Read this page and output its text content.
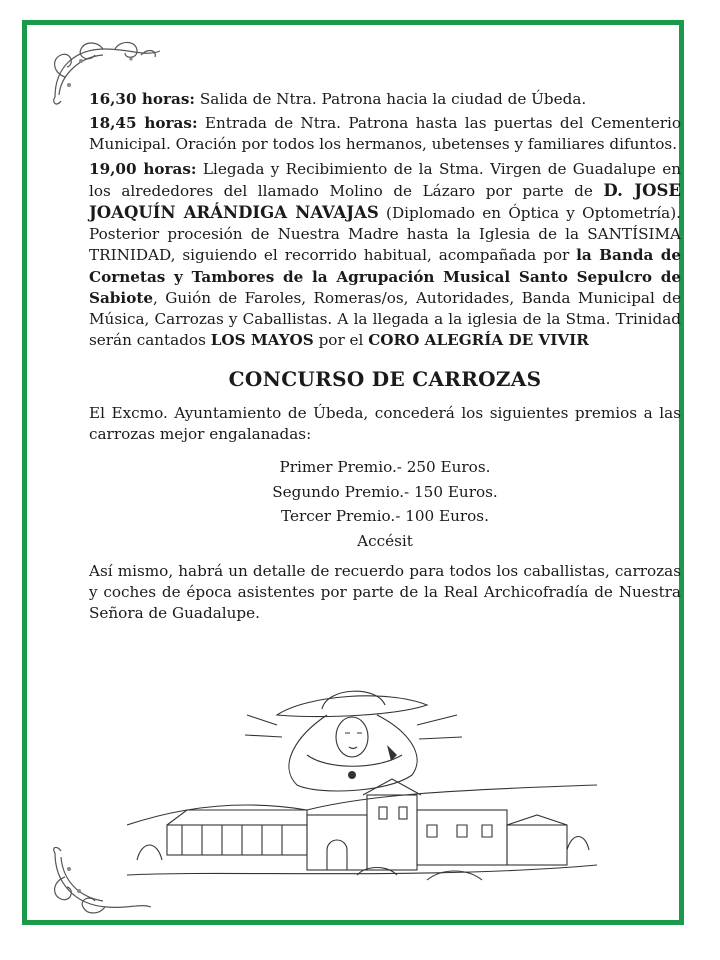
16,30 horas: Salida de Ntra. Patrona hacia la ciudad de Úbeda.

18,45 horas: Entrada de Ntra. Patrona hasta las puertas del Cementerio Municipal. Oración por todos los hermanos, ubetenses y familiares difuntos.

19,00 horas: Llegada y Recibimiento de la Stma. Virgen de Guadalupe en los alrededores del llamado Molino de Lázaro por parte de D. JOSE JOAQUÍN ARÁNDIGA NAVAJAS (Diplomado en Óptica y Optometría). Posterior procesión de Nuestra Madre hasta la Iglesia de la SANTÍSIMA TRINIDAD, siguiendo el recorrido habitual, acompañada por la Banda de Cornetas y Tambores de la Agrupación Musical Santo Sepulcro de Sabiote, Guión de Faroles, Romeras/os, Autoridades, Banda Municipal de Música, Carrozas y Caballistas. A la llegada a la iglesia de la Stma. Trinidad serán cantados LOS MAYOS por el CORO ALEGRÍA DE VIVIR

CONCURSO DE CARROZAS

El Excmo. Ayuntamiento de Úbeda, concederá los siguientes premios a las carrozas mejor engalanadas:

Primer Premio.- 250 Euros.
Segundo Premio.- 150 Euros.
Tercer Premio.- 100 Euros.
Accésit

Así mismo, habrá un detalle de recuerdo para todos los caballistas, carrozas y coches de época asistentes por parte de la Real Archicofradía de Nuestra Señora de Guadalupe.
